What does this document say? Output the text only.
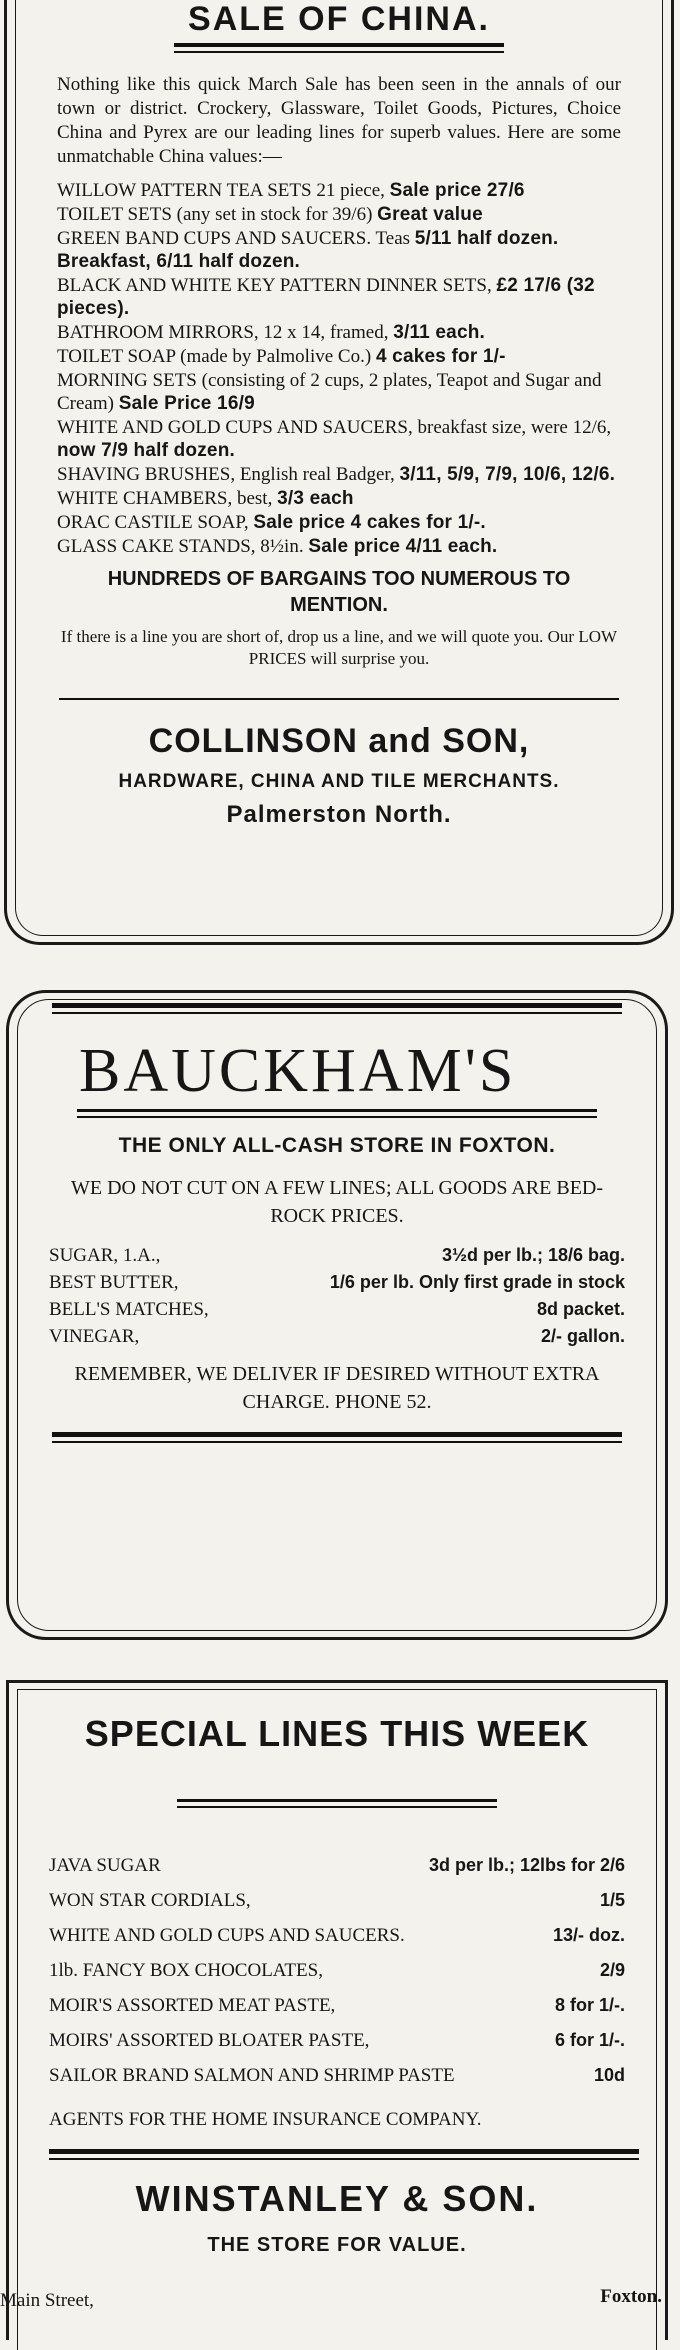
SALE OF CHINA.
Nothing like this quick March Sale has been seen in the annals of our town or district. Crockery, Glassware, Toilet Goods, Pictures, Choice China and Pyrex are our leading lines for superb values. Here are some unmatchable China values:—
WILLOW PATTERN TEA SETS 21 piece, Sale price 27/6
TOILET SETS (any set in stock for 39/6) Great value
GREEN BAND CUPS AND SAUCERS. Teas 5/11 half dozen. Breakfast, 6/11 half dozen.
BLACK AND WHITE KEY PATTERN DINNER SETS, £2 17/6 (32 pieces).
BATHROOM MIRRORS, 12 x 14, framed, 3/11 each.
TOILET SOAP (made by Palmolive Co.) 4 cakes for 1/-
MORNING SETS (consisting of 2 cups, 2 plates, Teapot and Sugar and Cream) Sale Price 16/9
WHITE AND GOLD CUPS AND SAUCERS, breakfast size, were 12/6, now 7/9 half dozen.
SHAVING BRUSHES, English real Badger, 3/11, 5/9, 7/9, 10/6, 12/6.
WHITE CHAMBERS, best, 3/3 each
ORAC CASTILE SOAP, Sale price 4 cakes for 1/-.
GLASS CAKE STANDS, 8½in. Sale price 4/11 each.
HUNDREDS OF BARGAINS TOO NUMEROUS TO MENTION.
If there is a line you are short of, drop us a line, and we will quote you. Our LOW PRICES will surprise you.
COLLINSON and SON,
HARDWARE, CHINA AND TILE MERCHANTS.
Palmerston North.
BAUCKHAM'S
THE ONLY ALL-CASH STORE IN FOXTON.
WE DO NOT CUT ON A FEW LINES; ALL GOODS ARE BED-ROCK PRICES.
SUGAR, 1.A.,	3½d per lb.; 18/6 bag.
BEST BUTTER,	1/6 per lb. Only first grade in stock
BELL'S MATCHES,	8d packet.
VINEGAR,	2/- gallon.
REMEMBER, WE DELIVER IF DESIRED WITHOUT EXTRA CHARGE. PHONE 52.
SPECIAL LINES THIS WEEK
JAVA SUGAR	3d per lb.; 12lbs for 2/6
WON STAR CORDIALS,	1/5
WHITE AND GOLD CUPS AND SAUCERS.	13/- doz.
1lb. FANCY BOX CHOCOLATES,	2/9
MOIR'S ASSORTED MEAT PASTE,	8 for 1/-.
MOIRS' ASSORTED BLOATER PASTE,	6 for 1/-.
SAILOR BRAND SALMON AND SHRIMP PASTE	10d
AGENTS FOR THE HOME INSURANCE COMPANY.
WINSTANLEY & SON.
THE STORE FOR VALUE.
Main Street,	Foxton.
